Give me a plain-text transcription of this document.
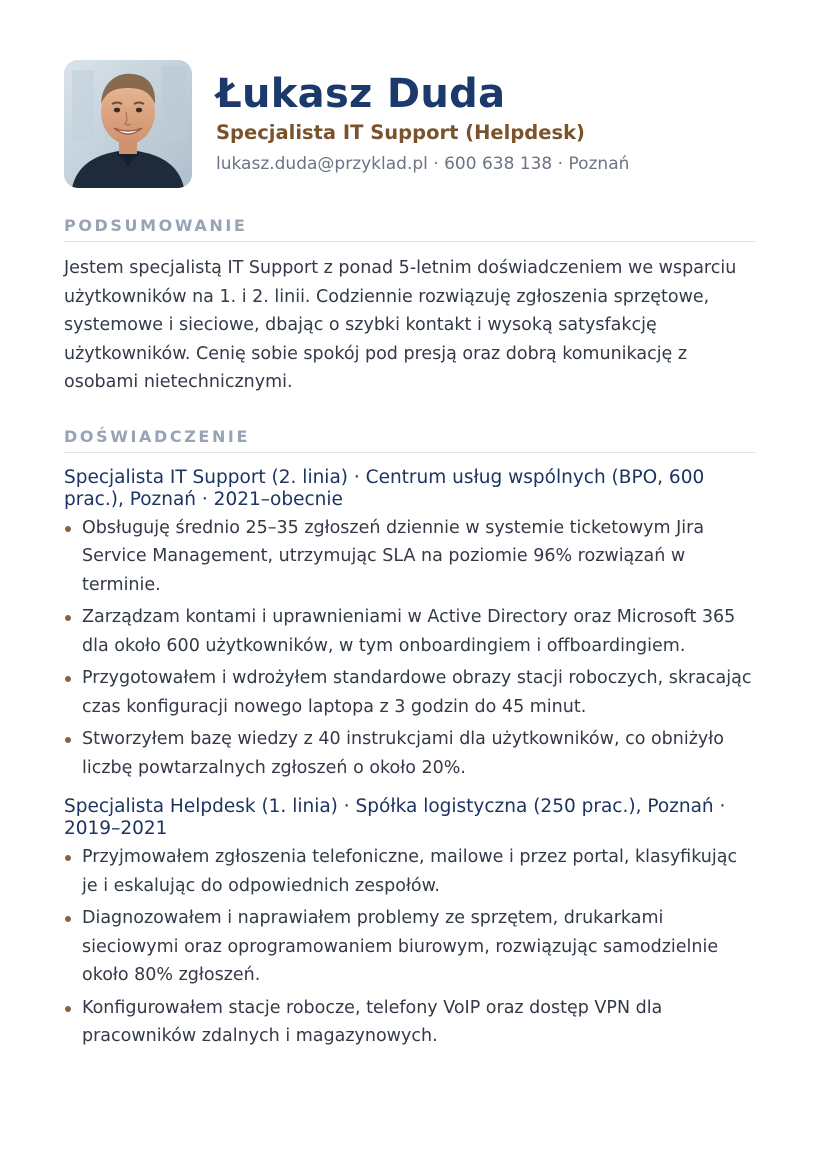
Łukasz Duda
Specjalista IT Support (Helpdesk)
lukasz.duda@przyklad.pl · 600 638 138 · Poznań
PODSUMOWANIE
Jestem specjalistą IT Support z ponad 5-letnim doświadczeniem we wsparciu użytkowników na 1. i 2. linii. Codziennie rozwiązuję zgłoszenia sprzętowe, systemowe i sieciowe, dbając o szybki kontakt i wysoką satysfakcję użytkowników. Cenię sobie spokój pod presją oraz dobrą komunikację z osobami nietechnicznymi.
DOŚWIADCZENIE
Specjalista IT Support (2. linia) · Centrum usług wspólnych (BPO, 600 prac.), Poznań · 2021–obecnie
Obsługuję średnio 25–35 zgłoszeń dziennie w systemie ticketowym Jira Service Management, utrzymując SLA na poziomie 96% rozwiązań w terminie.
Zarządzam kontami i uprawnieniami w Active Directory oraz Microsoft 365 dla około 600 użytkowników, w tym onboardingiem i offboardingiem.
Przygotowałem i wdrożyłem standardowe obrazy stacji roboczych, skracając czas konfiguracji nowego laptopa z 3 godzin do 45 minut.
Stworzyłem bazę wiedzy z 40 instrukcjami dla użytkowników, co obniżyło liczbę powtarzalnych zgłoszeń o około 20%.
Specjalista Helpdesk (1. linia) · Spółka logistyczna (250 prac.), Poznań · 2019–2021
Przyjmowałem zgłoszenia telefoniczne, mailowe i przez portal, klasyfikując je i eskalując do odpowiednich zespołów.
Diagnozowałem i naprawiałem problemy ze sprzętem, drukarkami sieciowymi oraz oprogramowaniem biurowym, rozwiązując samodzielnie około 80% zgłoszeń.
Konfigurowałem stacje robocze, telefony VoIP oraz dostęp VPN dla pracowników zdalnych i magazynowych.
